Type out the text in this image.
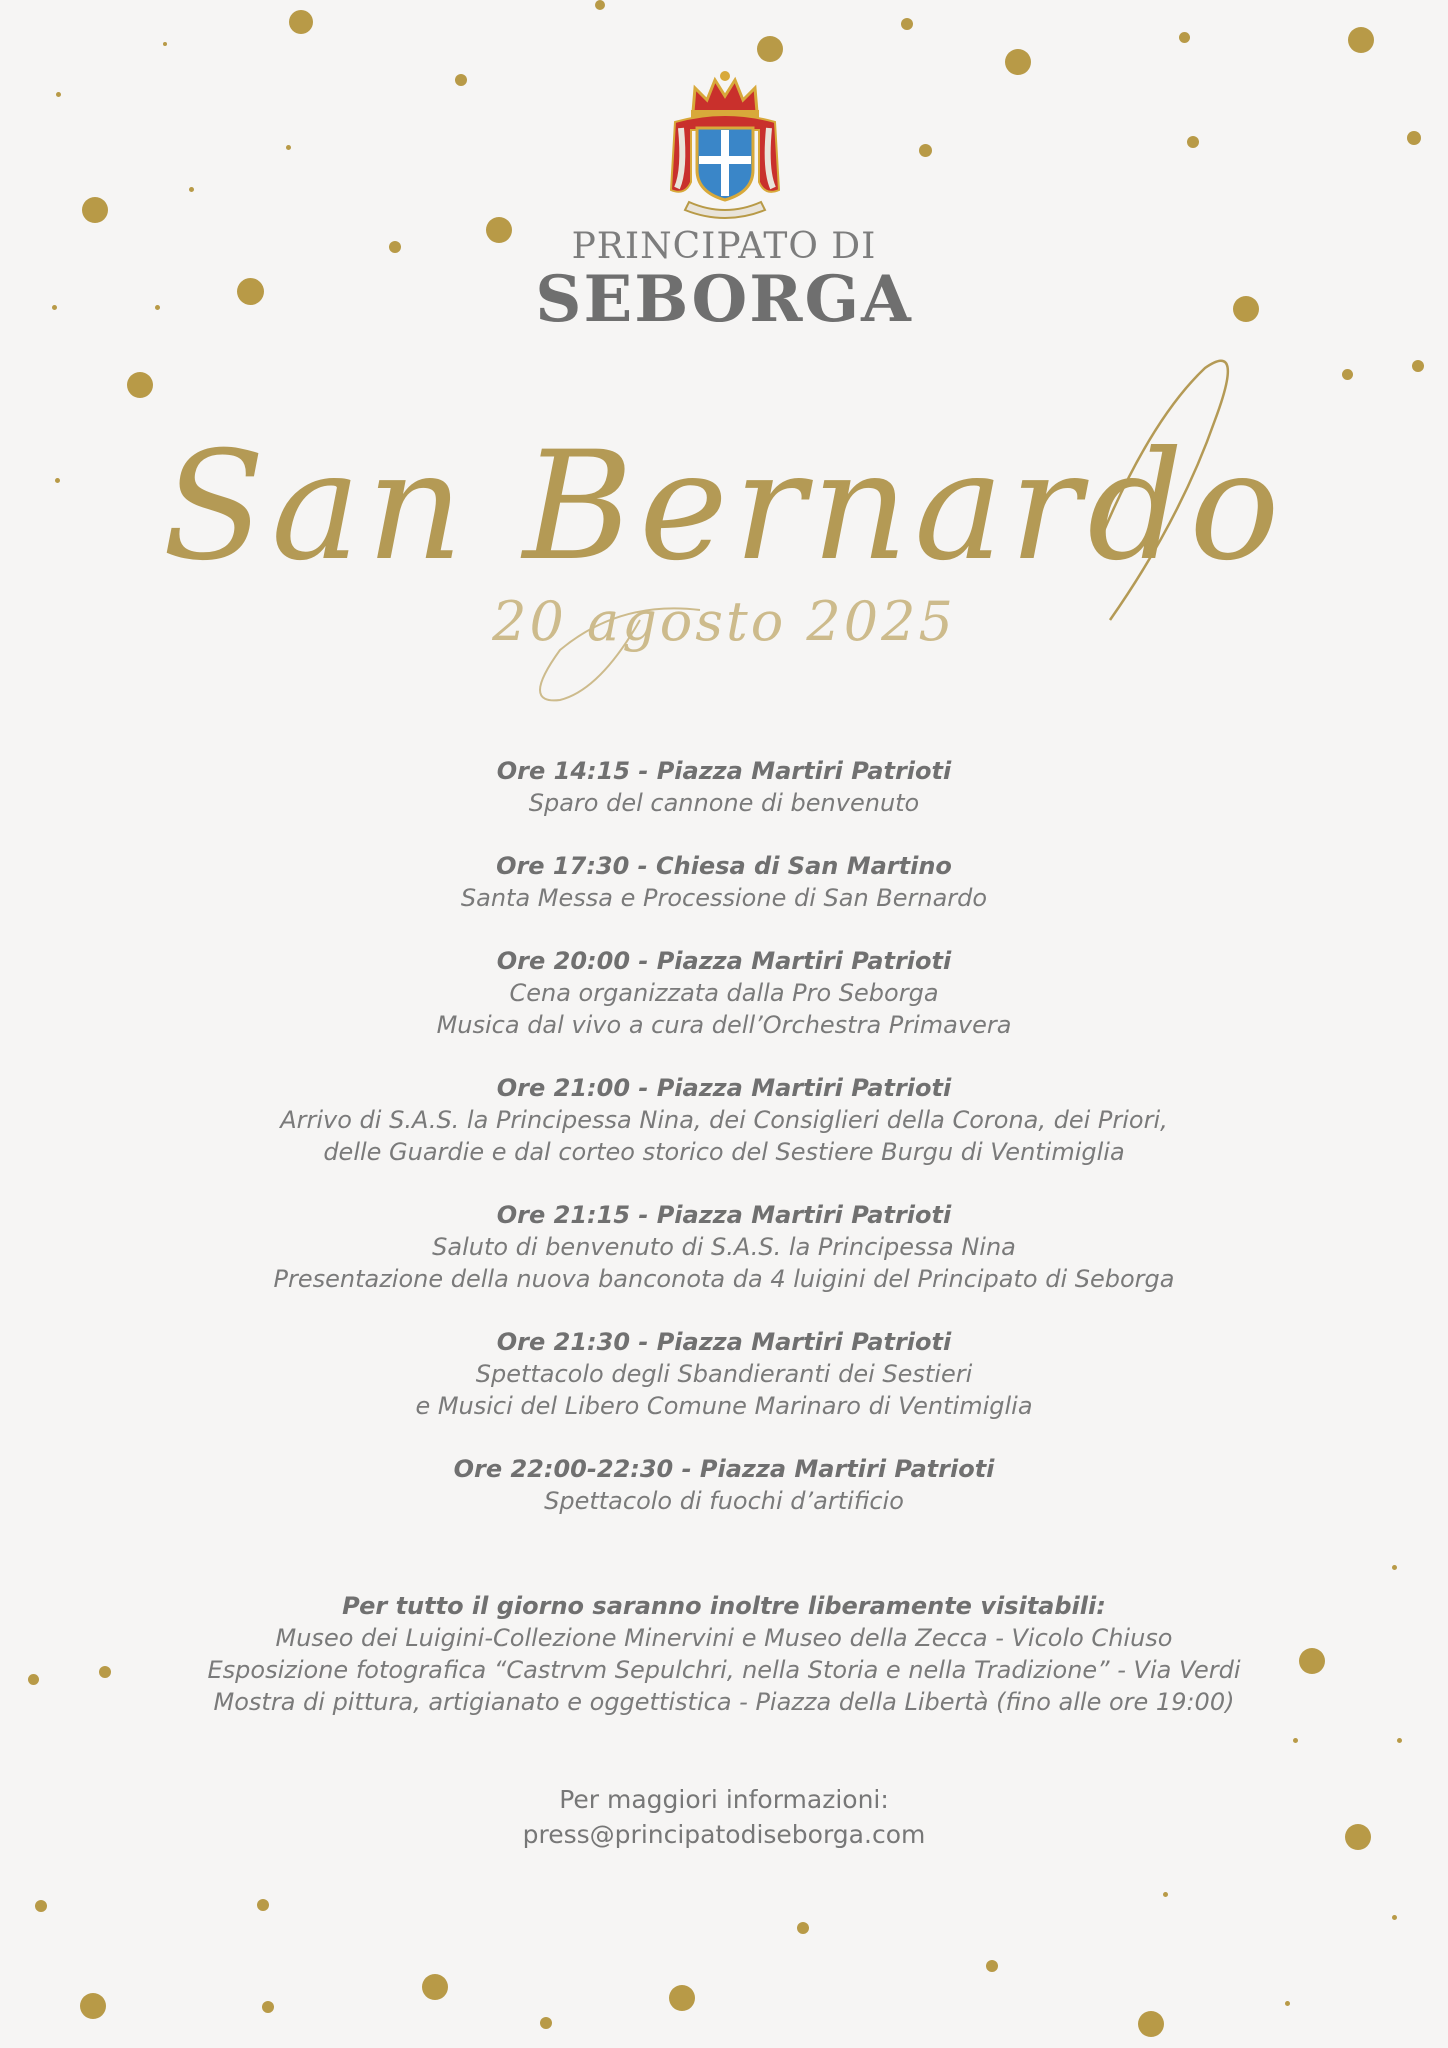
PRINCIPATO DI
SEBORGA
San Bernardo
20 agosto 2025
Ore 14:15 - Piazza Martiri Patrioti
Sparo del cannone di benvenuto
Ore 17:30 - Chiesa di San Martino
Santa Messa e Processione di San Bernardo
Ore 20:00 - Piazza Martiri Patrioti
Cena organizzata dalla Pro Seborga
Musica dal vivo a cura dell’Orchestra Primavera
Ore 21:00 - Piazza Martiri Patrioti
Arrivo di S.A.S. la Principessa Nina, dei Consiglieri della Corona, dei Priori,
delle Guardie e dal corteo storico del Sestiere Burgu di Ventimiglia
Ore 21:15 - Piazza Martiri Patrioti
Saluto di benvenuto di S.A.S. la Principessa Nina
Presentazione della nuova banconota da 4 luigini del Principato di Seborga
Ore 21:30 - Piazza Martiri Patrioti
Spettacolo degli Sbandieranti dei Sestieri
e Musici del Libero Comune Marinaro di Ventimiglia
Ore 22:00-22:30 - Piazza Martiri Patrioti
Spettacolo di fuochi d’artificio
Per tutto il giorno saranno inoltre liberamente visitabili:
Museo dei Luigini-Collezione Minervini e Museo della Zecca - Vicolo Chiuso
Esposizione fotografica “Castrvm Sepulchri, nella Storia e nella Tradizione” - Via Verdi
Mostra di pittura, artigianato e oggettistica - Piazza della Libertà (fino alle ore 19:00)
Per maggiori informazioni:
press@principatodiseborga.com
